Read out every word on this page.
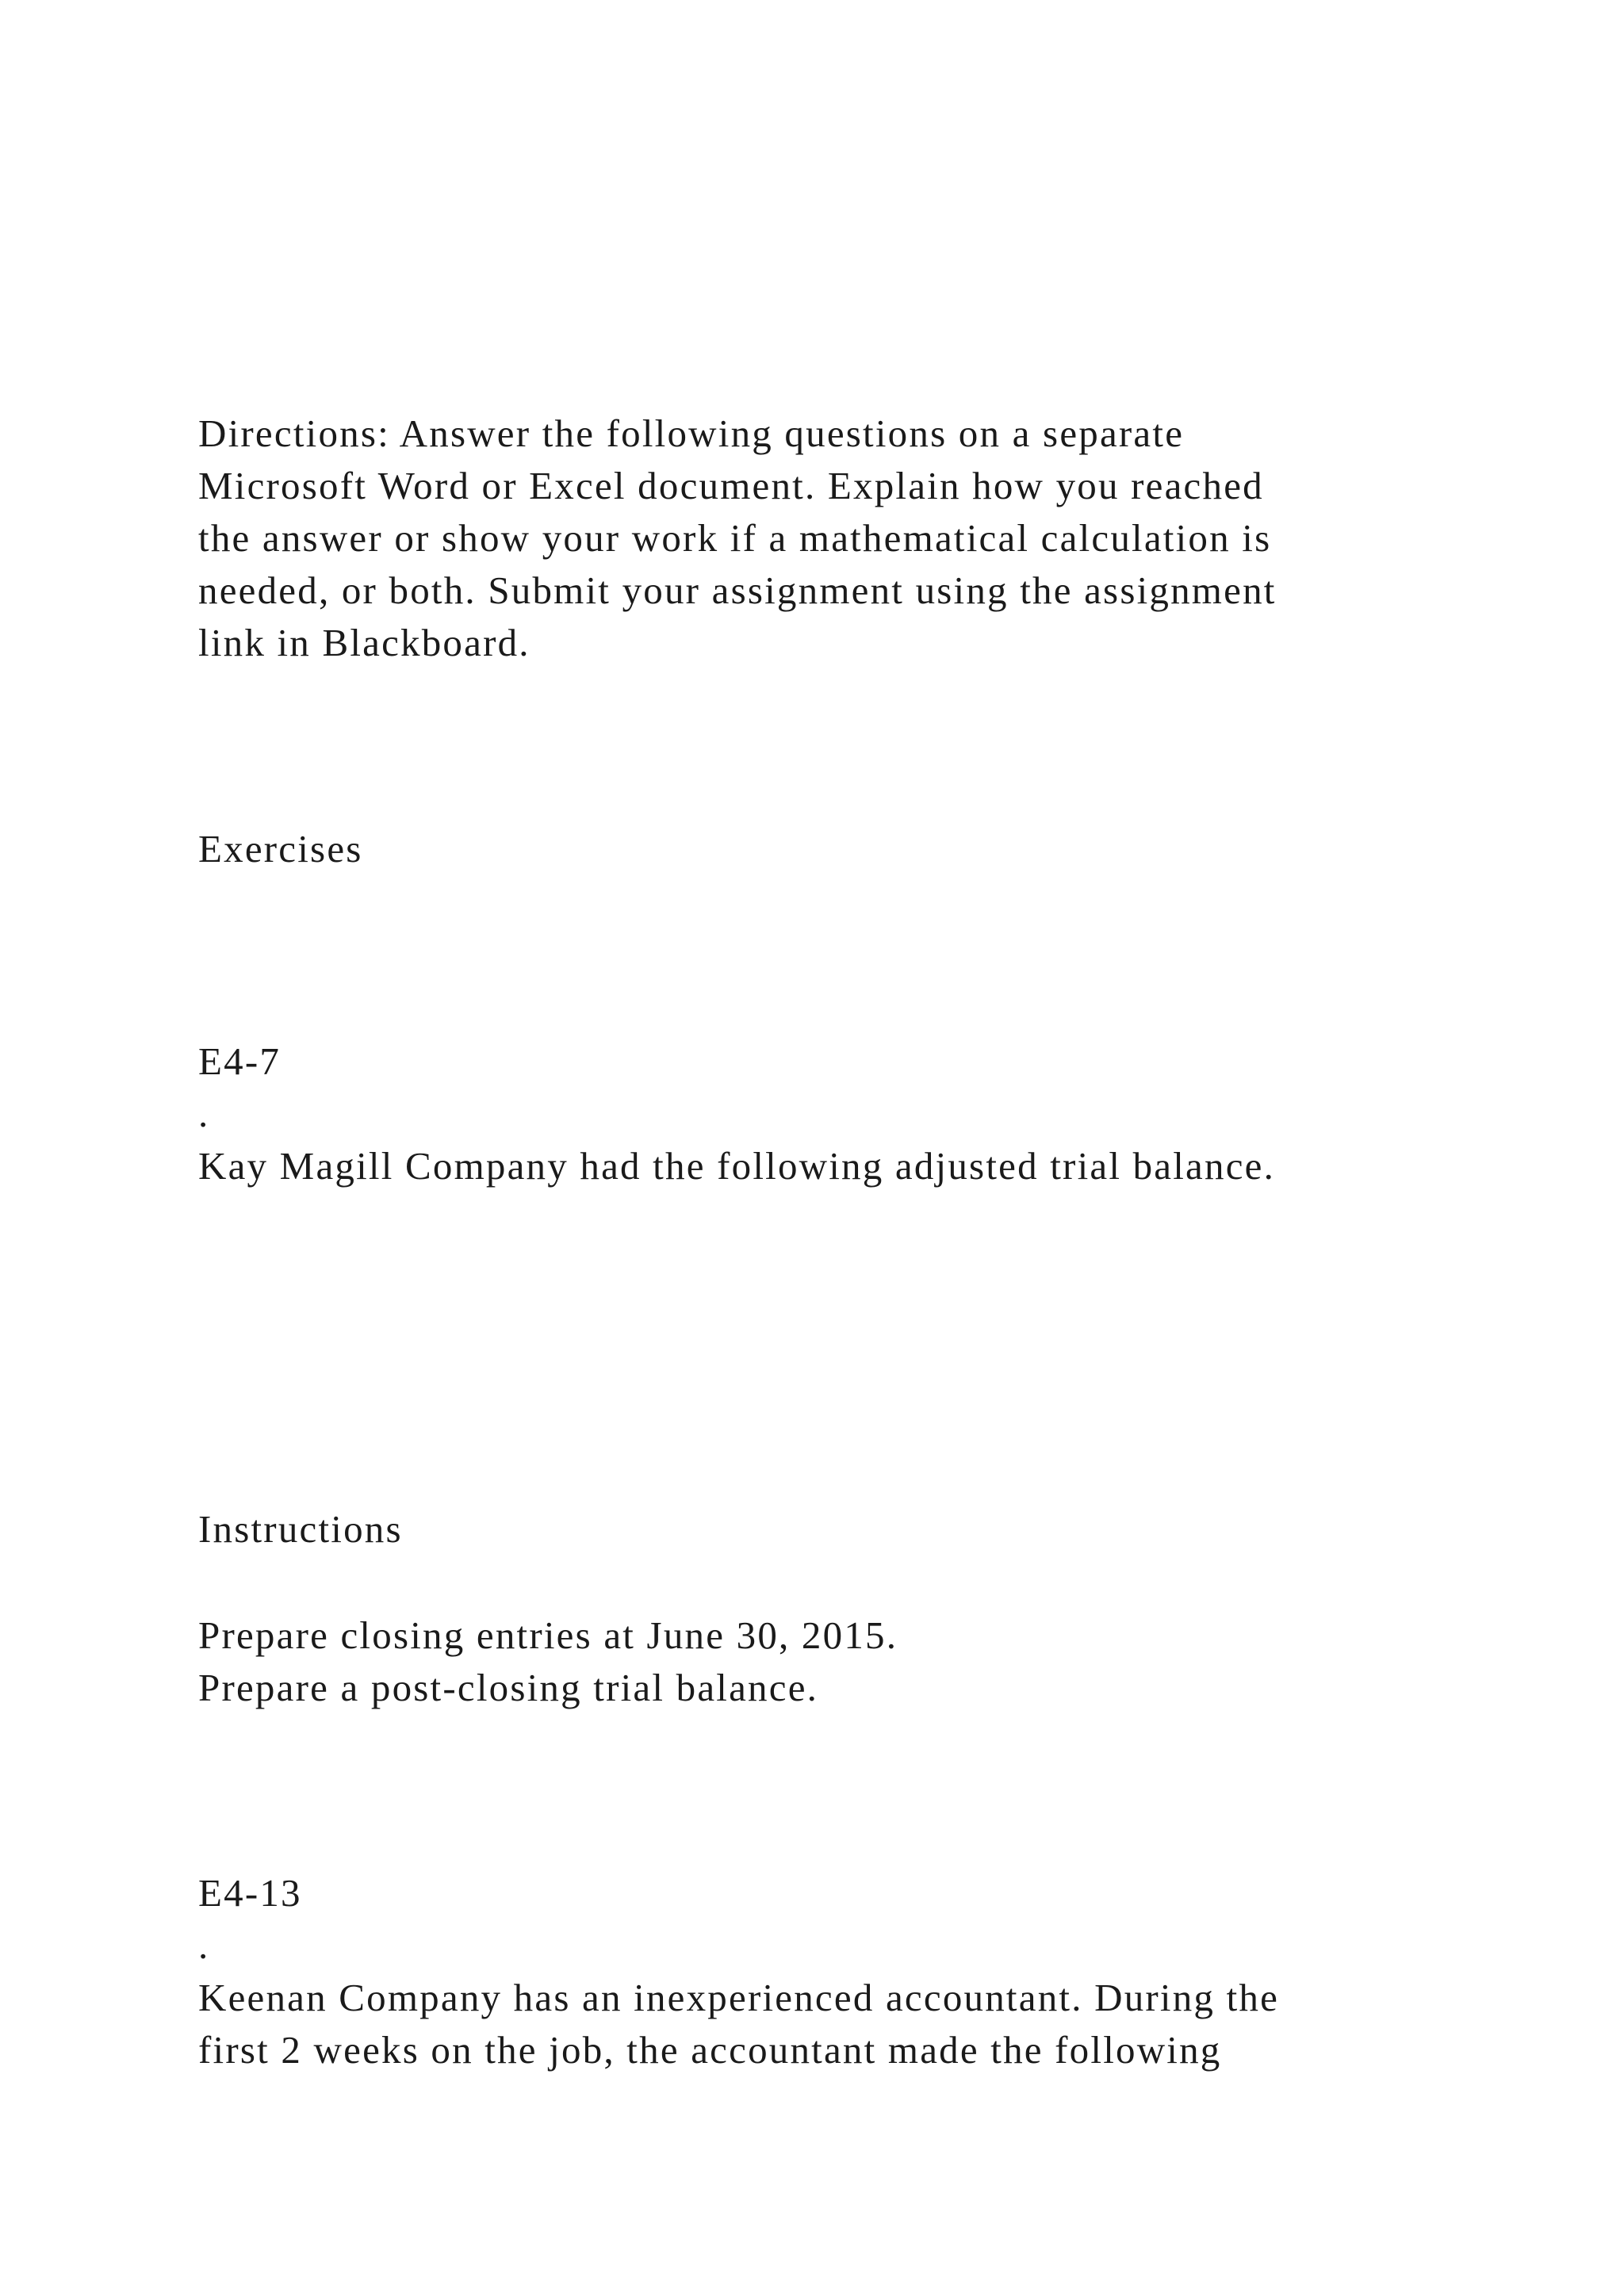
Directions: Answer the following questions on a separate
Microsoft Word or Excel document. Explain how you reached
the answer or show your work if a mathematical calculation is
needed, or both. Submit your assignment using the assignment
link in Blackboard.

Exercises

E4-7

.

Kay Magill Company had the following adjusted trial balance.

Instructions

Prepare closing entries at June 30, 2015.
Prepare a post-closing trial balance.

E4-13

.

Keenan Company has an inexperienced accountant. During the
first 2 weeks on the job, the accountant made the following
